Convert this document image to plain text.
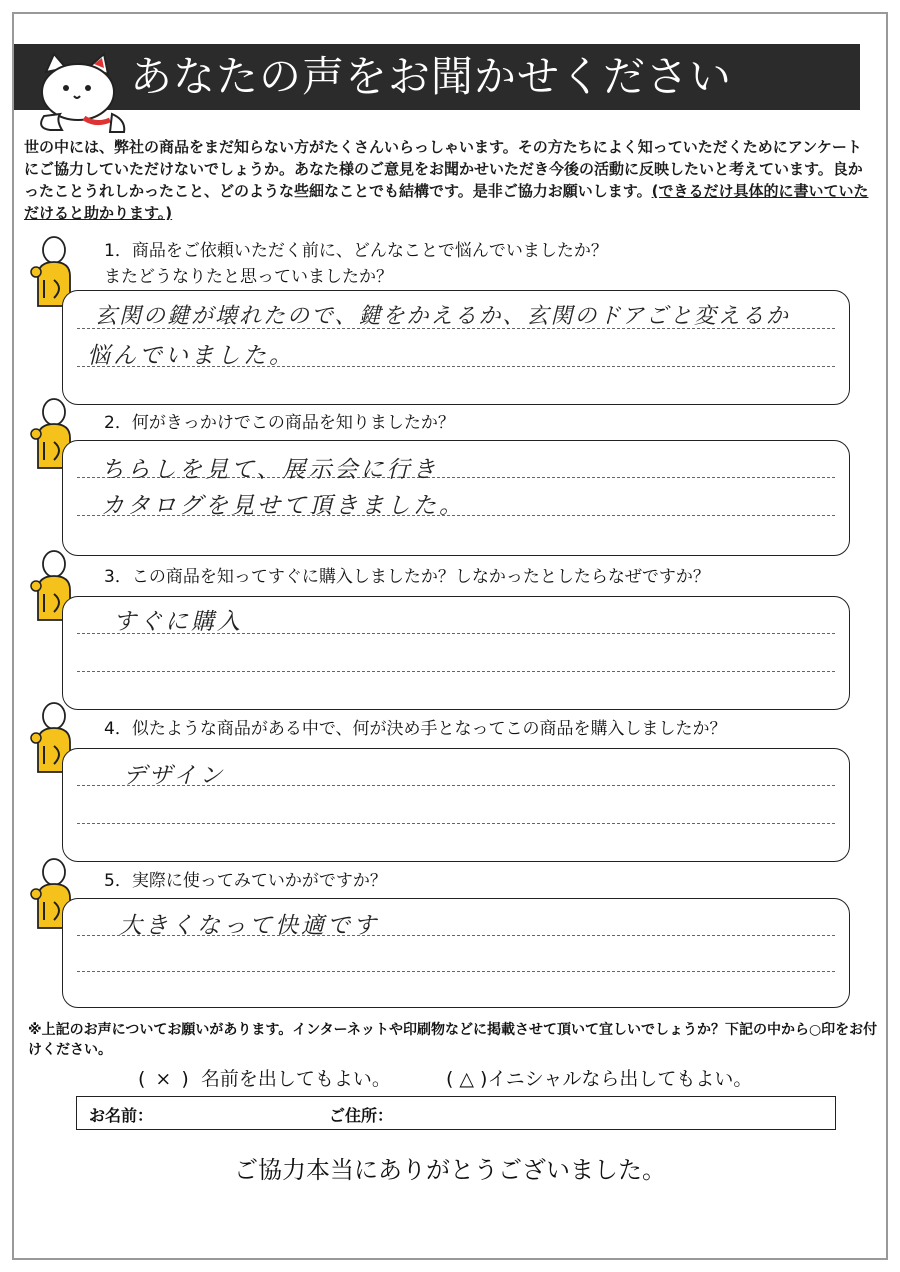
あなたの声をお聞かせください
世の中には、弊社の商品をまだ知らない方がたくさんいらっしゃいます。その方たちによく知っていただくためにアンケートにご協力していただけないでしょうか。あなた様のご意見をお聞かせいただき今後の活動に反映したいと考えています。良かったことうれしかったこと、どのような些細なことでも結構です。是非ご協力お願いします。(できるだけ具体的に書いていただけると助かります。)
1．商品をご依頼いただく前に、どんなことで悩んでいましたか？
またどうなりたと思っていましたか？
玄関の鍵が壊れたので、鍵をかえるか、玄関のドアごと変えるか
悩んでいました。
2．何がきっかけでこの商品を知りましたか？
ちらしを見て、展示会に行き
カタログを見せて頂きました。
3．この商品を知ってすぐに購入しましたか？しなかったとしたらなぜですか？
すぐに購入
4．似たような商品がある中で、何が決め手となってこの商品を購入しましたか？
デザイン
5．実際に使ってみていかがですか？
大きくなって快適です
※上記のお声についてお願いがあります。インターネットや印刷物などに掲載させて頂いて宜しいでしょうか？下記の中から○印をお付けください。
( × )  名前を出してもよい。	( △ )イニシャルなら出してもよい。
お名前：	ご住所：
ご協力本当にありがとうございました。
